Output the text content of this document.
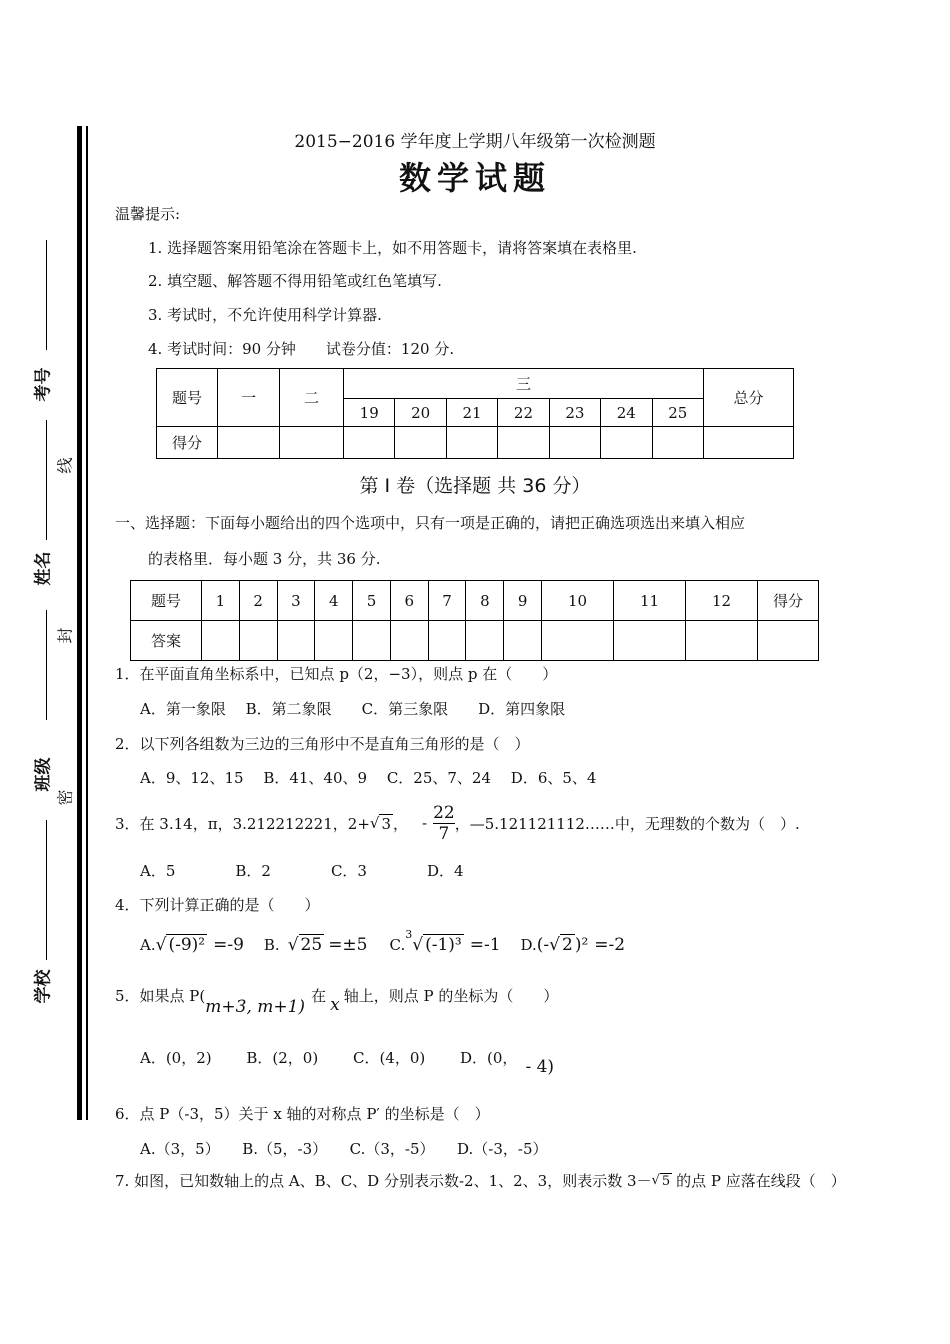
考号
姓名
班级
学校
线
封
密
2015−2016 学年度上学期八年级第一次检测题
数学试题
温馨提示:
1. 选择题答案用铅笔涂在答题卡上，如不用答题卡，请将答案填在表格里.
2. 填空题、解答题不得用铅笔或红色笔填写.
3. 考试时，不允许使用科学计算器.
4. 考试时间：90 分钟　　试卷分值：120 分.
题号	一	二	三							总分
			19	20	21	22	23	24	25	
得分										
第 Ⅰ 卷（选择题 共 36 分）
一、选择题：下面每小题给出的四个选项中，只有一项是正确的，请把正确选项选出来填入相应
的表格里．每小题 3 分，共 36 分.
题号	1	2	3	4	5	6	7	8	9	10	11	12	得分
答案													
1．在平面直角坐标系中，已知点 p（2，−3），则点 p 在（　　）
A．第一象限　 B．第二象限　　C．第三象限　　D．第四象限
2．以下列各组数为三边的三角形中不是直角三角形的是（　）
A．9、12、15　 B．41、40、9　 C．25、7、24　 D．6、5、4
3．在 3.14，π，3.212212221，2+ √ 3 ， - $\frac{22}{7}$ ，—5.121121112……中，无理数的个数为（　）.
A．5　　　　B．2　　　　C．3　　　　D．4
4．下列计算正确的是（　　）
A. √ (-9)² =-9 B. √ 25 =±5 C.
3 √ (-1)³ =-1 D. (- √ 2 )² =-2
5．如果点 P(
m+3, m+1)
在 x 轴上，则点 P 的坐标为（　　）
A．(0，2)　　 B．(2，0)　　 C．(4，0)　　 D．(0， - 4)
6．点 P（-3，5）关于 x 轴的对称点 P′ 的坐标是（　）
A.（3，5）　　B.（5，-3）　　C.（3，-5）　　D.（-3，-5）
7. 如图，已知数轴上的点 A、B、C、D 分别表示数-2、1、2、3，则表示数 3－ √ 5 的点 P 应落在线段（　）
